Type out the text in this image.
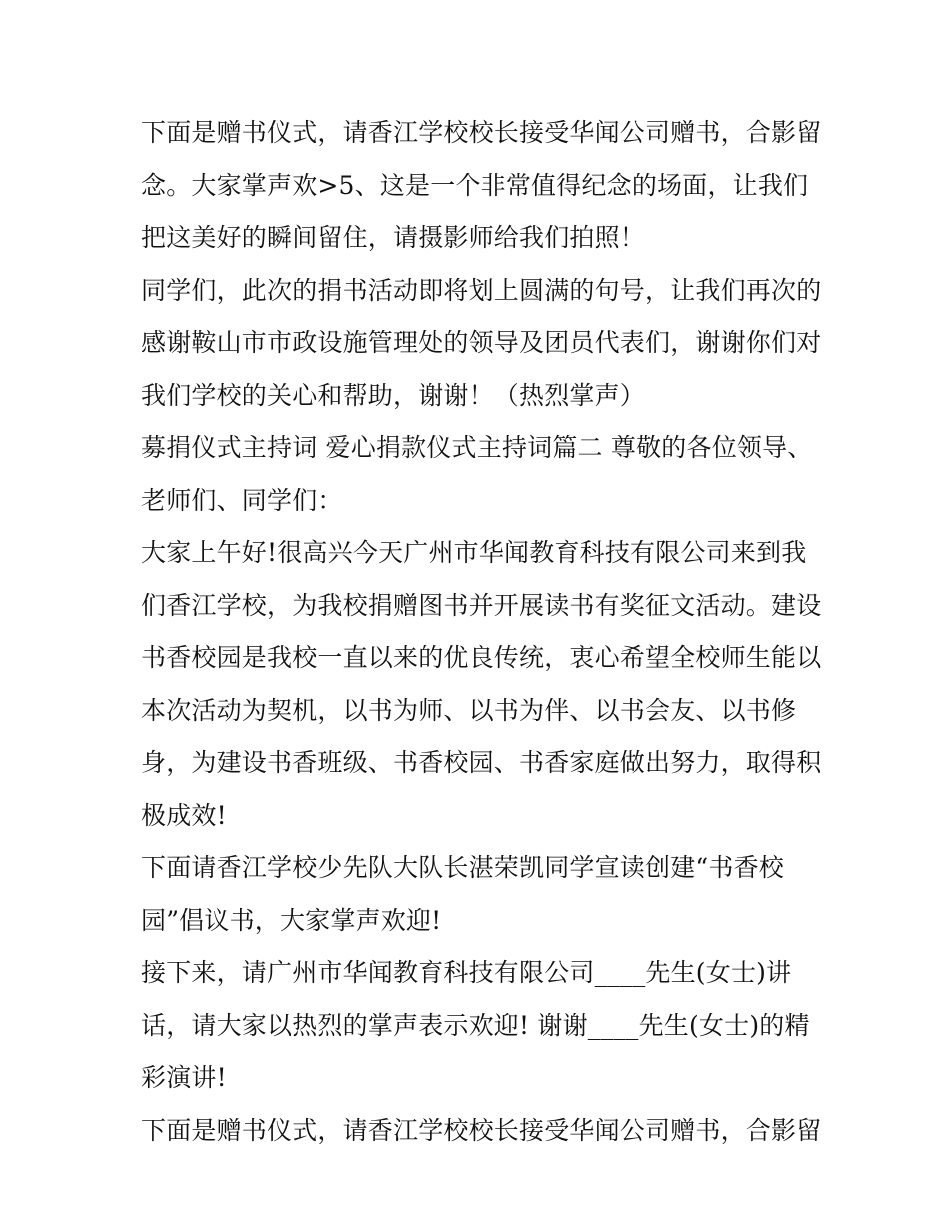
下面是赠书仪式，请香江学校校长接受华闻公司赠书，合影留
念。大家掌声欢>5、这是一个非常值得纪念的场面，让我们
把这美好的瞬间留住，请摄影师给我们拍照！
同学们，此次的捐书活动即将划上圆满的句号，让我们再次的
感谢鞍山市市政设施管理处的领导及团员代表们，谢谢你们对
我们学校的关心和帮助，谢谢！（热烈掌声）
募捐仪式主持词 爱心捐款仪式主持词篇二 尊敬的各位领导、
老师们、同学们：
大家上午好!很高兴今天广州市华闻教育科技有限公司来到我
们香江学校，为我校捐赠图书并开展读书有奖征文活动。建设
书香校园是我校一直以来的优良传统，衷心希望全校师生能以
本次活动为契机，以书为师、以书为伴、以书会友、以书修
身，为建设书香班级、书香校园、书香家庭做出努力，取得积
极成效!
下面请香江学校少先队大队长湛荣凯同学宣读创建“书香校
园”倡议书，大家掌声欢迎!
接下来，请广州市华闻教育科技有限公司____先生(女士)讲
话，请大家以热烈的掌声表示欢迎! 谢谢____先生(女士)的精
彩演讲!
下面是赠书仪式，请香江学校校长接受华闻公司赠书，合影留
